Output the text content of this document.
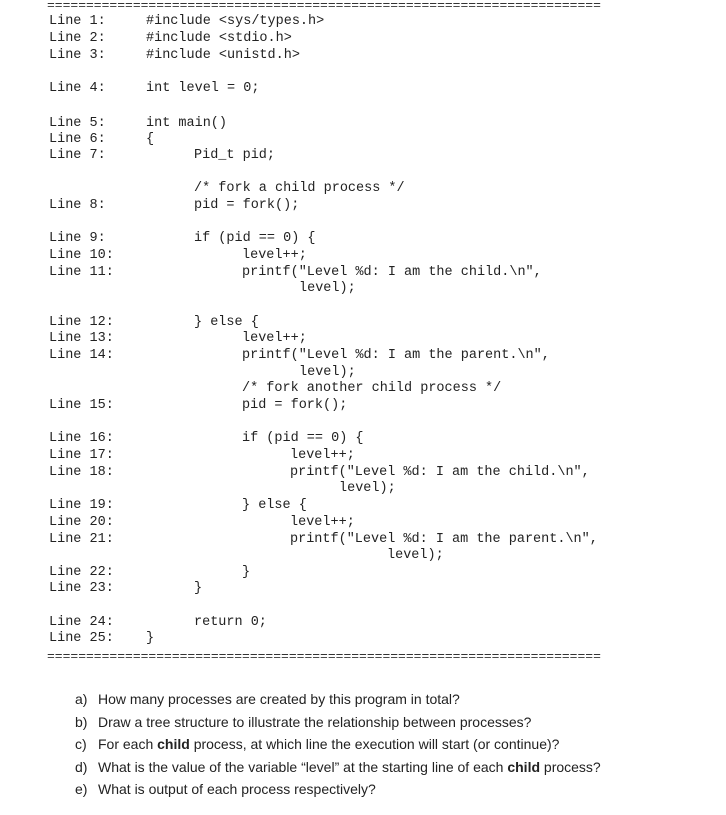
=======================================================================

Line 1:

	#include <sys/types.h>

Line 2:

	#include <stdio.h>

Line 3:

	#include <unistd.h>

Line 4:

	int level = 0;

Line 5:

	int main()

Line 6:

	{

Line 7:

	Pid_t pid;

/* fork a child process */

Line 8:

	pid = fork();

Line 9:

	if (pid == 0) {

Line 10:

	level++;

Line 11:

	printf("Level %d: I am the child.\n",

level);

Line 12:

	} else {

Line 13:

	level++;

Line 14:

	printf("Level %d: I am the parent.\n",

level);

/* fork another child process */

Line 15:

	pid = fork();

Line 16:

	if (pid == 0) {

Line 17:

	level++;

Line 18:

	printf("Level %d: I am the child.\n",

level);

Line 19:

	} else {

Line 20:

	level++;

Line 21:

	printf("Level %d: I am the parent.\n",

level);

Line 22:

	}

Line 23:

	}

Line 24:

	return 0;

Line 25:

}

=======================================================================
a) How many processes are created by this program in total?
b) Draw a tree structure to illustrate the relationship between processes?
c) For each child process, at which line the execution will start (or continue)?
d) What is the value of the variable “level” at the starting line of each child process?
e) What is output of each process respectively?
